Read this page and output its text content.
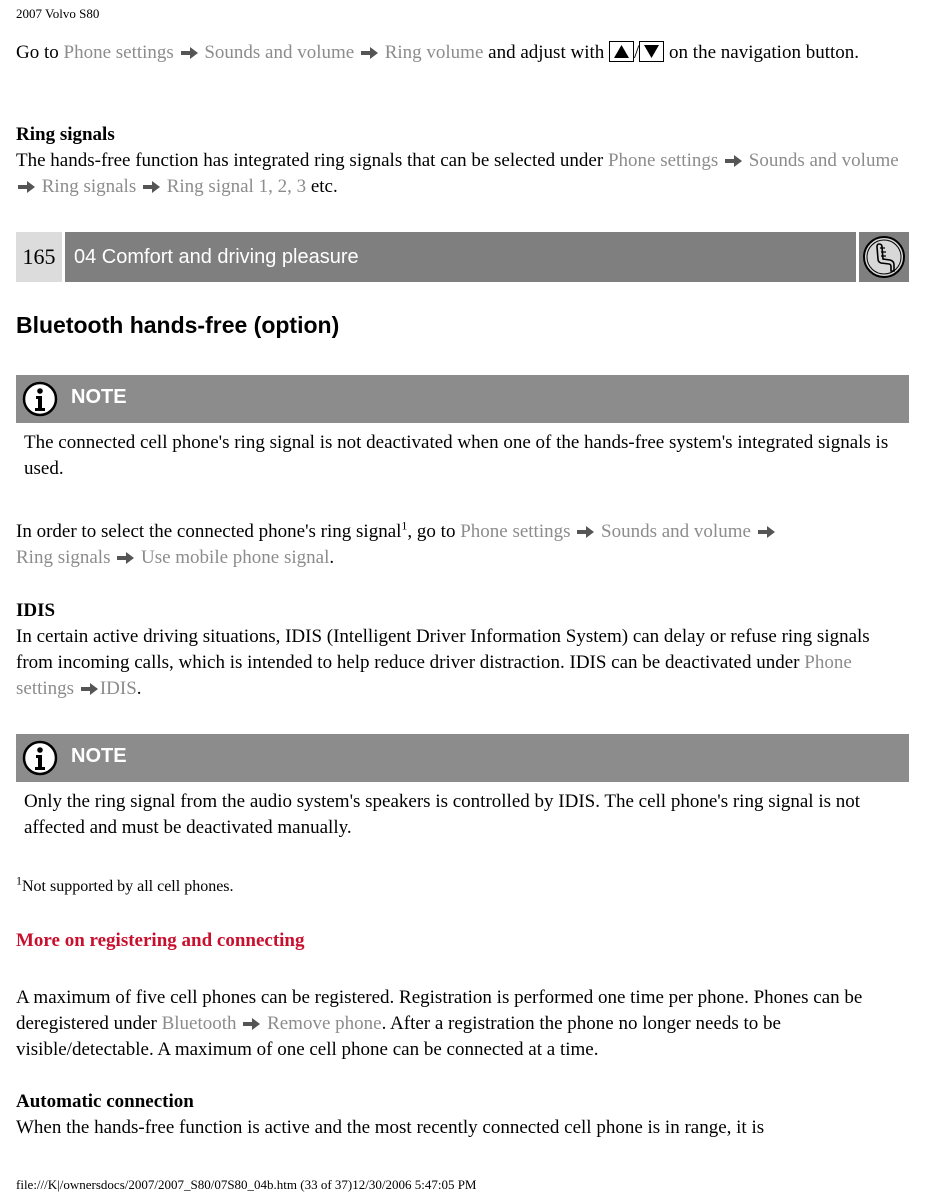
2007 Volvo S80

Go to Phone settings Sounds and volume Ring volume and adjust with / on the navigation button.

Ring signals
The hands-free function has integrated ring signals that can be selected under Phone settings Sounds and volume  Ring signals Ring signal 1, 2, 3 etc.

165 04 Comfort and driving pleasure
Bluetooth hands-free (option)
NOTE

The connected cell phone's ring signal is not deactivated when one of the hands-free system's integrated signals is used.

In order to select the connected phone's ring signal$^1$, go to Phone settings Sounds and volume
Ring signals Use mobile phone signal.

IDIS
In certain active driving situations, IDIS (Intelligent Driver Information System) can delay or refuse ring signals from incoming calls, which is intended to help reduce driver distraction. IDIS can be deactivated under Phone settings IDIS.

NOTE

Only the ring signal from the audio system's speakers is controlled by IDIS. The cell phone's ring signal is not affected and must be deactivated manually.

$^1$Not supported by all cell phones.
More on registering and connecting

A maximum of five cell phones can be registered. Registration is performed one time per phone. Phones can be deregistered under Bluetooth Remove phone. After a registration the phone no longer needs to be visible/detectable. A maximum of one cell phone can be connected at a time.

Automatic connection
When the hands-free function is active and the most recently connected cell phone is in range, it is

file:///K|/ownersdocs/2007/2007_S80/07S80_04b.htm (33 of 37)12/30/2006 5:47:05 PM
